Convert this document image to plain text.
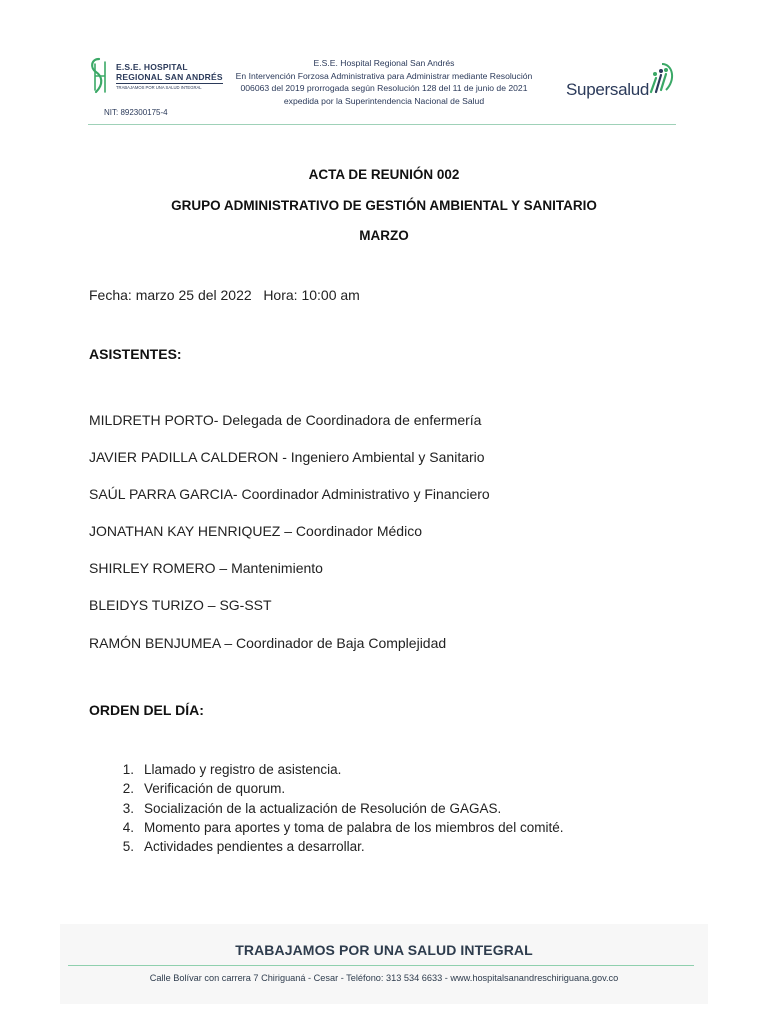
E.S.E. HOSPITAL
REGIONAL SAN ANDRÉS
TRABAJAMOS POR UNA SALUD INTEGRAL
NIT: 892300175-4
E.S.E. Hospital Regional San Andrés
En Intervención Forzosa Administrativa para Administrar mediante Resolución
006063 del 2019 prorrogada según Resolución 128 del 11 de junio de 2021
expedida por la Superintendencia Nacional de Salud
Supersalud
ACTA DE REUNIÓN 002
GRUPO ADMINISTRATIVO DE GESTIÓN AMBIENTAL Y SANITARIO
MARZO
Fecha: marzo 25 del 2022   Hora: 10:00 am
ASISTENTES:
MILDRETH PORTO- Delegada de Coordinadora de enfermería
JAVIER PADILLA CALDERON - Ingeniero Ambiental y Sanitario
SAÚL PARRA GARCIA- Coordinador Administrativo y Financiero
JONATHAN KAY HENRIQUEZ – Coordinador Médico
SHIRLEY ROMERO – Mantenimiento
BLEIDYS TURIZO – SG-SST
RAMÓN BENJUMEA – Coordinador de Baja Complejidad
ORDEN DEL DÍA:
1. Llamado y registro de asistencia.
2. Verificación de quorum.
3. Socialización de la actualización de Resolución de GAGAS.
4. Momento para aportes y toma de palabra de los miembros del comité.
5. Actividades pendientes a desarrollar.
TRABAJAMOS POR UNA SALUD INTEGRAL
Calle Bolívar con carrera 7 Chiriguaná - Cesar - Teléfono: 313 534 6633 - www.hospitalsanandreschiriguana.gov.co
